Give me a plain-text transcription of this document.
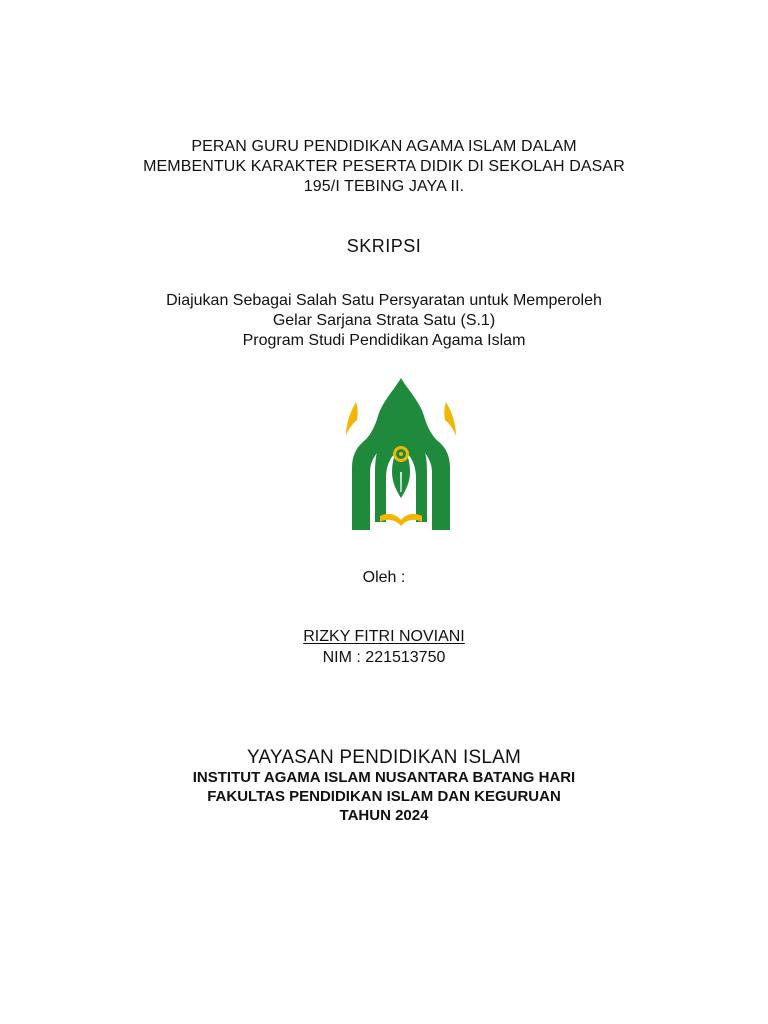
PERAN GURU PENDIDIKAN AGAMA ISLAM DALAM
MEMBENTUK KARAKTER PESERTA DIDIK DI SEKOLAH DASAR
195/I TEBING JAYA II.
SKRIPSI
Diajukan Sebagai Salah Satu Persyaratan untuk Memperoleh
Gelar Sarjana Strata Satu (S.1)
Program Studi Pendidikan Agama Islam
Oleh :
RIZKY FITRI NOVIANI
NIM : 221513750
YAYASAN PENDIDIKAN ISLAM
INSTITUT AGAMA ISLAM NUSANTARA BATANG HARI
FAKULTAS PENDIDIKAN ISLAM DAN KEGURUAN
TAHUN 2024
